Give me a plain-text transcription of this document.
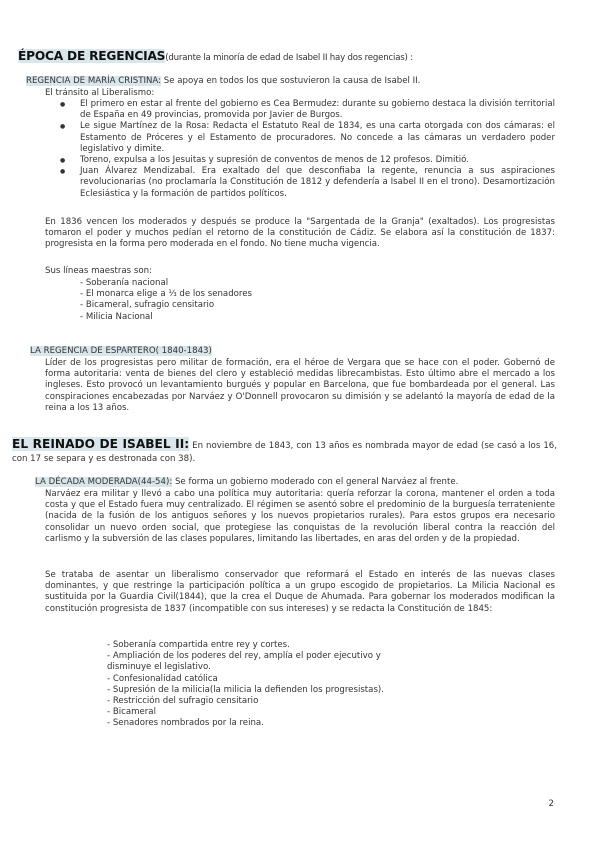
ÉPOCA DE REGENCIAS(durante la minoría de edad de Isabel II hay dos regencias) :
REGENCIA DE MARÍA CRISTINA: Se apoya en todos los que sostuvieron la causa de Isabel II.
El tránsito al Liberalismo:
● El primero en estar al frente del gobierno es Cea Bermudez: durante su gobierno destaca la división territorial de España en 49 provincias, promovida por Javier de Burgos.
● Le sigue Martínez de la Rosa: Redacta el Estatuto Real de 1834, es una carta otorgada con dos cámaras: el Estamento de Próceres y el Estamento de procuradores. No concede a las cámaras un verdadero poder legislativo y dimite.
● Toreno, expulsa a los Jesuitas y supresión de conventos de menos de 12 profesos. Dimitió.
● Juan Álvarez Mendizabal. Era exaltado del que desconfiaba la regente, renuncia a sus aspiraciones revolucionarias (no proclamaría la Constitución de 1812 y defendería a Isabel II en el trono). Desamortización Eclesiástica y la formación de partidos políticos.

En 1836 vencen los moderados y después se produce la "Sargentada de la Granja" (exaltados). Los progresistas tomaron el poder y muchos pedían el retorno de la constitución de Cádiz. Se elabora así la constitución de 1837: progresista en la forma pero moderada en el fondo. No tiene mucha vigencia.

Sus líneas maestras son:
- Soberanía nacional
- El monarca elige a ⅓ de los senadores
- Bicameral, sufragio censitario
- Milicia Nacional
LA REGENCIA DE ESPARTERO( 1840-1843)

Líder de los progresistas pero militar de formación, era el héroe de Vergara que se hace con el poder. Gobernó de forma autoritaria: venta de bienes del clero y estableció medidas librecambistas. Esto último abre el mercado a los ingleses. Esto provocó un levantamiento burgués y popular en Barcelona, que fue bombardeada por el general. Las conspiraciones encabezadas por Narváez y O'Donnell provocaron su dimisión y se adelantó la mayoría de edad de la reina a los 13 años.

EL REINADO DE ISABEL II: En noviembre de 1843, con 13 años es nombrada mayor de edad (se casó a los 16, con 17 se separa y es destronada con 38).
LA DÉCADA MODERADA(44-54): Se forma un gobierno moderado con el general Narváez al frente.

Narváez era militar y llevó a cabo una política muy autoritaria: quería reforzar la corona, mantener el orden a toda costa y que el Estado fuera muy centralizado. El régimen se asentó sobre el predominio de la burguesía terrateniente (nacida de la fusión de los antiguos señores y los nuevos propietarios rurales). Para estos grupos era necesario consolidar un nuevo orden social, que protegiese las conquistas de la revolución liberal contra la reacción del carlismo y la subversión de las clases populares, limitando las libertades, en aras del orden y de la propiedad.

Se trataba de asentar un liberalismo conservador que reformará el Estado en interés de las nuevas clases dominantes, y que restringe la participación política a un grupo escogido de propietarios. La Milicia Nacional es sustituida por la Guardia Civil(1844), que la crea el Duque de Ahumada. Para gobernar los moderados modifican la constitución progresista de 1837 (incompatible con sus intereses) y se redacta la Constitución de 1845:

- Soberanía compartida entre rey y cortes.
- Ampliación de los poderes del rey, amplía el poder ejecutivo y
disminuye el legislativo.
- Confesionalidad católica
- Supresión de la milicia(la milicia la defienden los progresistas).
- Restricción del sufragio censitario
- Bicameral
- Senadores nombrados por la reina.
2
